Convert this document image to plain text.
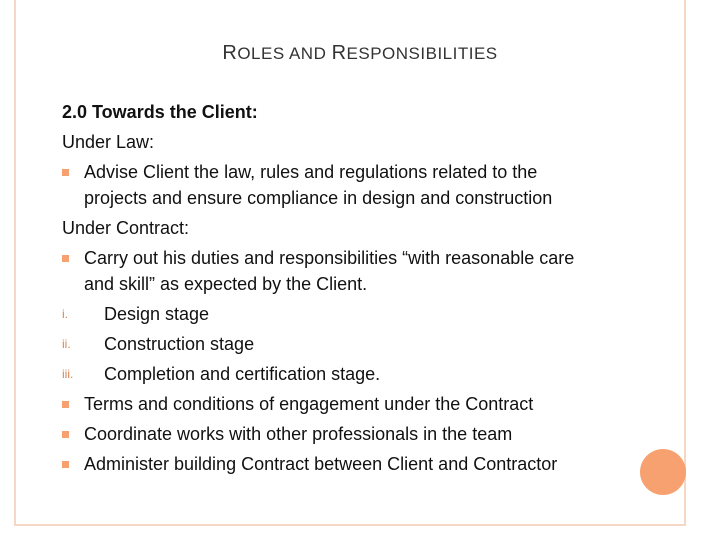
ROLES AND RESPONSIBILITIES
2.0 Towards the Client:
Under Law:
Advise Client the law, rules and regulations related to the
projects and ensure compliance in design and construction
Under Contract:
Carry out his duties and responsibilities “with reasonable care
and skill” as expected by the Client.
i. Design stage
ii. Construction stage
iii. Completion and certification stage.
Terms and conditions of engagement under the Contract
Coordinate works with other professionals in the team
Administer building Contract between Client and Contractor
